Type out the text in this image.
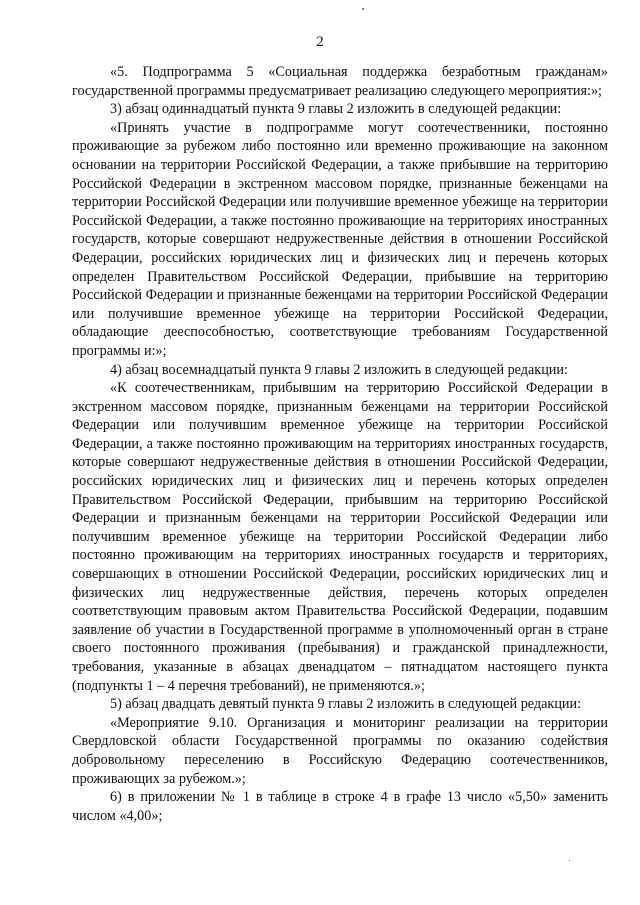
2

«5. Подпрограмма 5 «Социальная поддержка безработным гражданам» государственной программы предусматривает реализацию следующего мероприятия:»;

3) абзац одиннадцатый пункта 9 главы 2 изложить в следующей редакции:

«Принять участие в подпрограмме могут соотечественники, постоянно проживающие за рубежом либо постоянно или временно проживающие на законном основании на территории Российской Федерации, а также прибывшие на территорию Российской Федерации в экстренном массовом порядке, признанные беженцами на территории Российской Федерации или получившие временное убежище на территории Российской Федерации, а также постоянно проживающие на территориях иностранных государств, которые совершают недружественные действия в отношении Российской Федерации, российских юридических лиц и физических лиц и перечень которых определен Правительством Российской Федерации, прибывшие на территорию Российской Федерации и признанные беженцами на территории Российской Федерации или получившие временное убежище на территории Российской Федерации, обладающие дееспособностью, соответствующие требованиям Государственной программы и:»;

4) абзац восемнадцатый пункта 9 главы 2 изложить в следующей редакции:

«К соотечественникам, прибывшим на территорию Российской Федерации в экстренном массовом порядке, признанным беженцами на территории Российской Федерации или получившим временное убежище на территории Российской Федерации, а также постоянно проживающим на территориях иностранных государств, которые совершают недружественные действия в отношении Российской Федерации, российских юридических лиц и физических лиц и перечень которых определен Правительством Российской Федерации, прибывшим на территорию Российской Федерации и признанным беженцами на территории Российской Федерации или получившим временное убежище на территории Российской Федерации либо постоянно проживающим на территориях иностранных государств и территориях, совершающих в отношении Российской Федерации, российских юридических лиц и физических лиц недружественные действия, перечень которых определен соответствующим правовым актом Правительства Российской Федерации, подавшим заявление об участии в Государственной программе в уполномоченный орган в стране своего постоянного проживания (пребывания) и гражданской принадлежности, требования, указанные в абзацах двенадцатом – пятнадцатом настоящего пункта (подпункты 1 – 4 перечня требований), не применяются.»;

5) абзац двадцать девятый пункта 9 главы 2 изложить в следующей редакции:

«Мероприятие 9.10. Организация и мониторинг реализации на территории Свердловской области Государственной программы по оказанию содействия добровольному переселению в Российскую Федерацию соотечественников, проживающих за рубежом.»;

6) в приложении № 1 в таблице в строке 4 в графе 13 число «5,50» заменить числом «4,00»;
